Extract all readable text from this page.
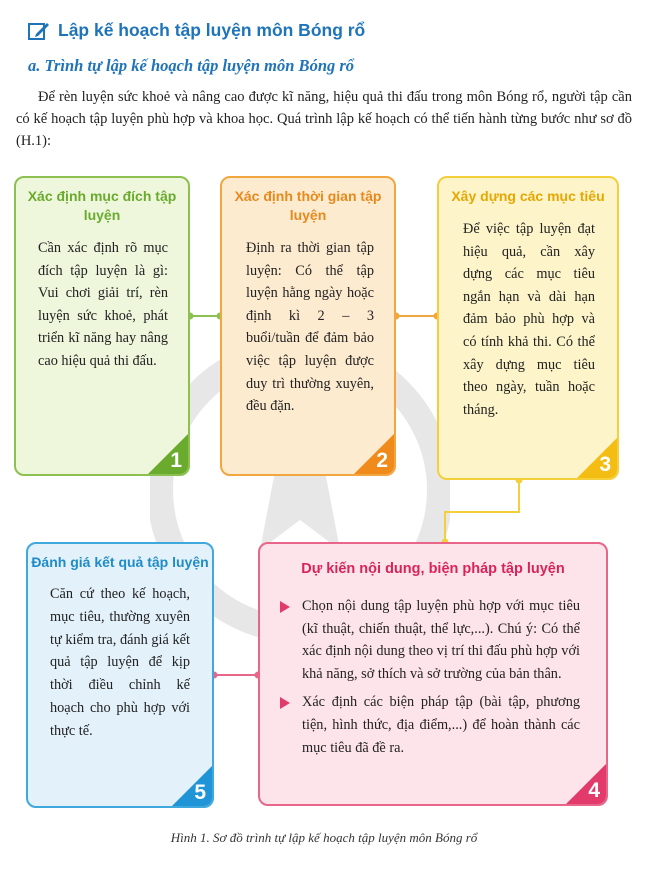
Lập kế hoạch tập luyện môn Bóng rổ
a. Trình tự lập kế hoạch tập luyện môn Bóng rổ

Để rèn luyện sức khoẻ và nâng cao được kĩ năng, hiệu quả thi đấu trong môn Bóng rổ, người tập cần có kế hoạch tập luyện phù hợp và khoa học. Quá trình lập kế hoạch có thể tiến hành từng bước như sơ đồ (H.1):

Xác định mục đích tập luyện
Cần xác định rõ mục đích tập luyện là gì: Vui chơi giải trí, rèn luyện sức khoẻ, phát triển kĩ năng hay nâng cao hiệu quả thi đấu.
1
Xác định thời gian tập luyện
Định ra thời gian tập luyện: Có thể tập luyện hằng ngày hoặc định kì 2 – 3 buổi/tuần để đảm bảo việc tập luyện được duy trì thường xuyên, đều đặn.
2
Xây dựng các mục tiêu
Để việc tập luyện đạt hiệu quả, cần xây dựng các mục tiêu ngắn hạn và dài hạn đảm bảo phù hợp và có tính khả thi. Có thể xây dựng mục tiêu theo ngày, tuần hoặc tháng.
3
Đánh giá kết quả tập luyện
Căn cứ theo kế hoạch, mục tiêu, thường xuyên tự kiểm tra, đánh giá kết quả tập luyện để kịp thời điều chỉnh kế hoạch cho phù hợp với thực tế.
5
Dự kiến nội dung, biện pháp tập luyện
Chọn nội dung tập luyện phù hợp với mục tiêu (kĩ thuật, chiến thuật, thể lực,...). Chú ý: Có thể xác định nội dung theo vị trí thi đấu phù hợp với khả năng, sở thích và sở trường của bản thân.
Xác định các biện pháp tập (bài tập, phương tiện, hình thức, địa điểm,...) để hoàn thành các mục tiêu đã đề ra.
4
Hình 1. Sơ đồ trình tự lập kế hoạch tập luyện môn Bóng rổ
